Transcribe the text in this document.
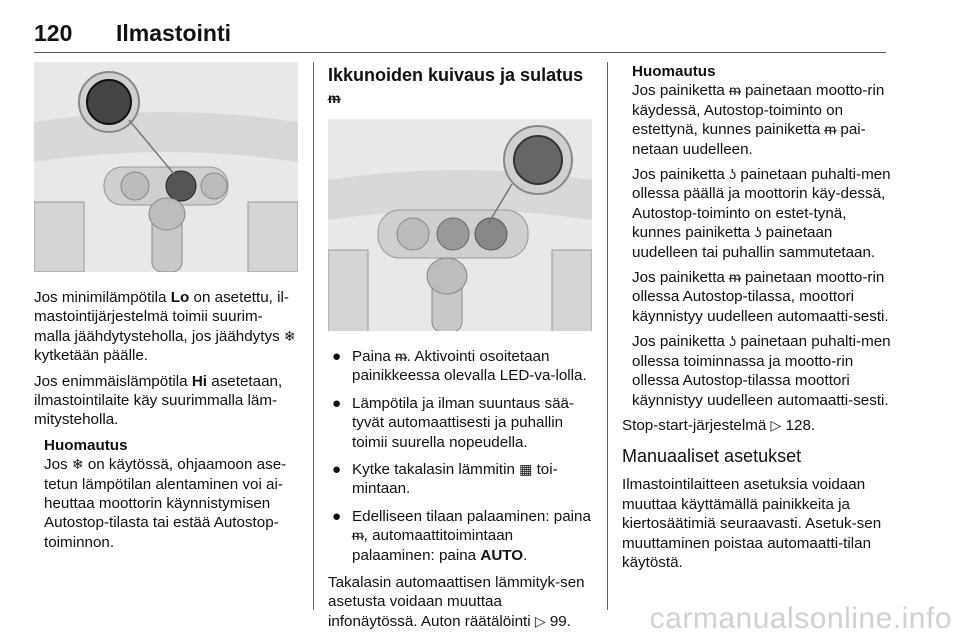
120 Ilmastointi

Jos minimilämpötila Lo on asetettu, il-mastointijärjestelmä toimii suurim-malla jäähdytysteholla, jos jäähdytys ❄ kytketään päälle.

Jos enimmäislämpötila Hi asetetaan, ilmastointilaite käy suurimmalla läm-mitysteholla.

Huomautus
Jos ❄ on käytössä, ohjaamoon ase-tetun lämpötilan alentaminen voi ai-heuttaa moottorin käynnistymisen Autostop-tilasta tai estää Autostop-toiminnon.
Ikkunoiden kuivaus ja sulatus ᵯ
● Paina ᵯ. Aktivointi osoitetaan painikkeessa olevalla LED-va-lolla.
● Lämpötila ja ilman suuntaus sää-tyvät automaattisesti ja puhallin toimii suurella nopeudella.
● Kytke takalasin lämmitin ▦ toi-mintaan.
● Edelliseen tilaan palaaminen: paina ᵯ, automaattitoimintaan palaaminen: paina AUTO.

Takalasin automaattisen lämmityk-sen asetusta voidaan muuttaa infonäytössä. Auton räätälöinti ▷ 99.

Huomautus

Jos painiketta ᵯ painetaan mootto-rin käydessä, Autostop-toiminto on estettynä, kunnes painiketta ᵯ pai-netaan uudelleen.

Jos painiketta ʖ painetaan puhalti-men ollessa päällä ja moottorin käy-dessä, Autostop-toiminto on estet-tynä, kunnes painiketta ʖ painetaan uudelleen tai puhallin sammutetaan.

Jos painiketta ᵯ painetaan mootto-rin ollessa Autostop-tilassa, moottori käynnistyy uudelleen automaatti-sesti.

Jos painiketta ʖ painetaan puhalti-men ollessa toiminnassa ja mootto-rin ollessa Autostop-tilassa moottori käynnistyy uudelleen automaatti-sesti.

Stop-start-järjestelmä ▷ 128.

Manuaaliset asetukset

Ilmastointilaitteen asetuksia voidaan muuttaa käyttämällä painikkeita ja kiertosäätimiä seuraavasti. Asetuk-sen muuttaminen poistaa automaatti-tilan käytöstä.

carmanualsonline.info
